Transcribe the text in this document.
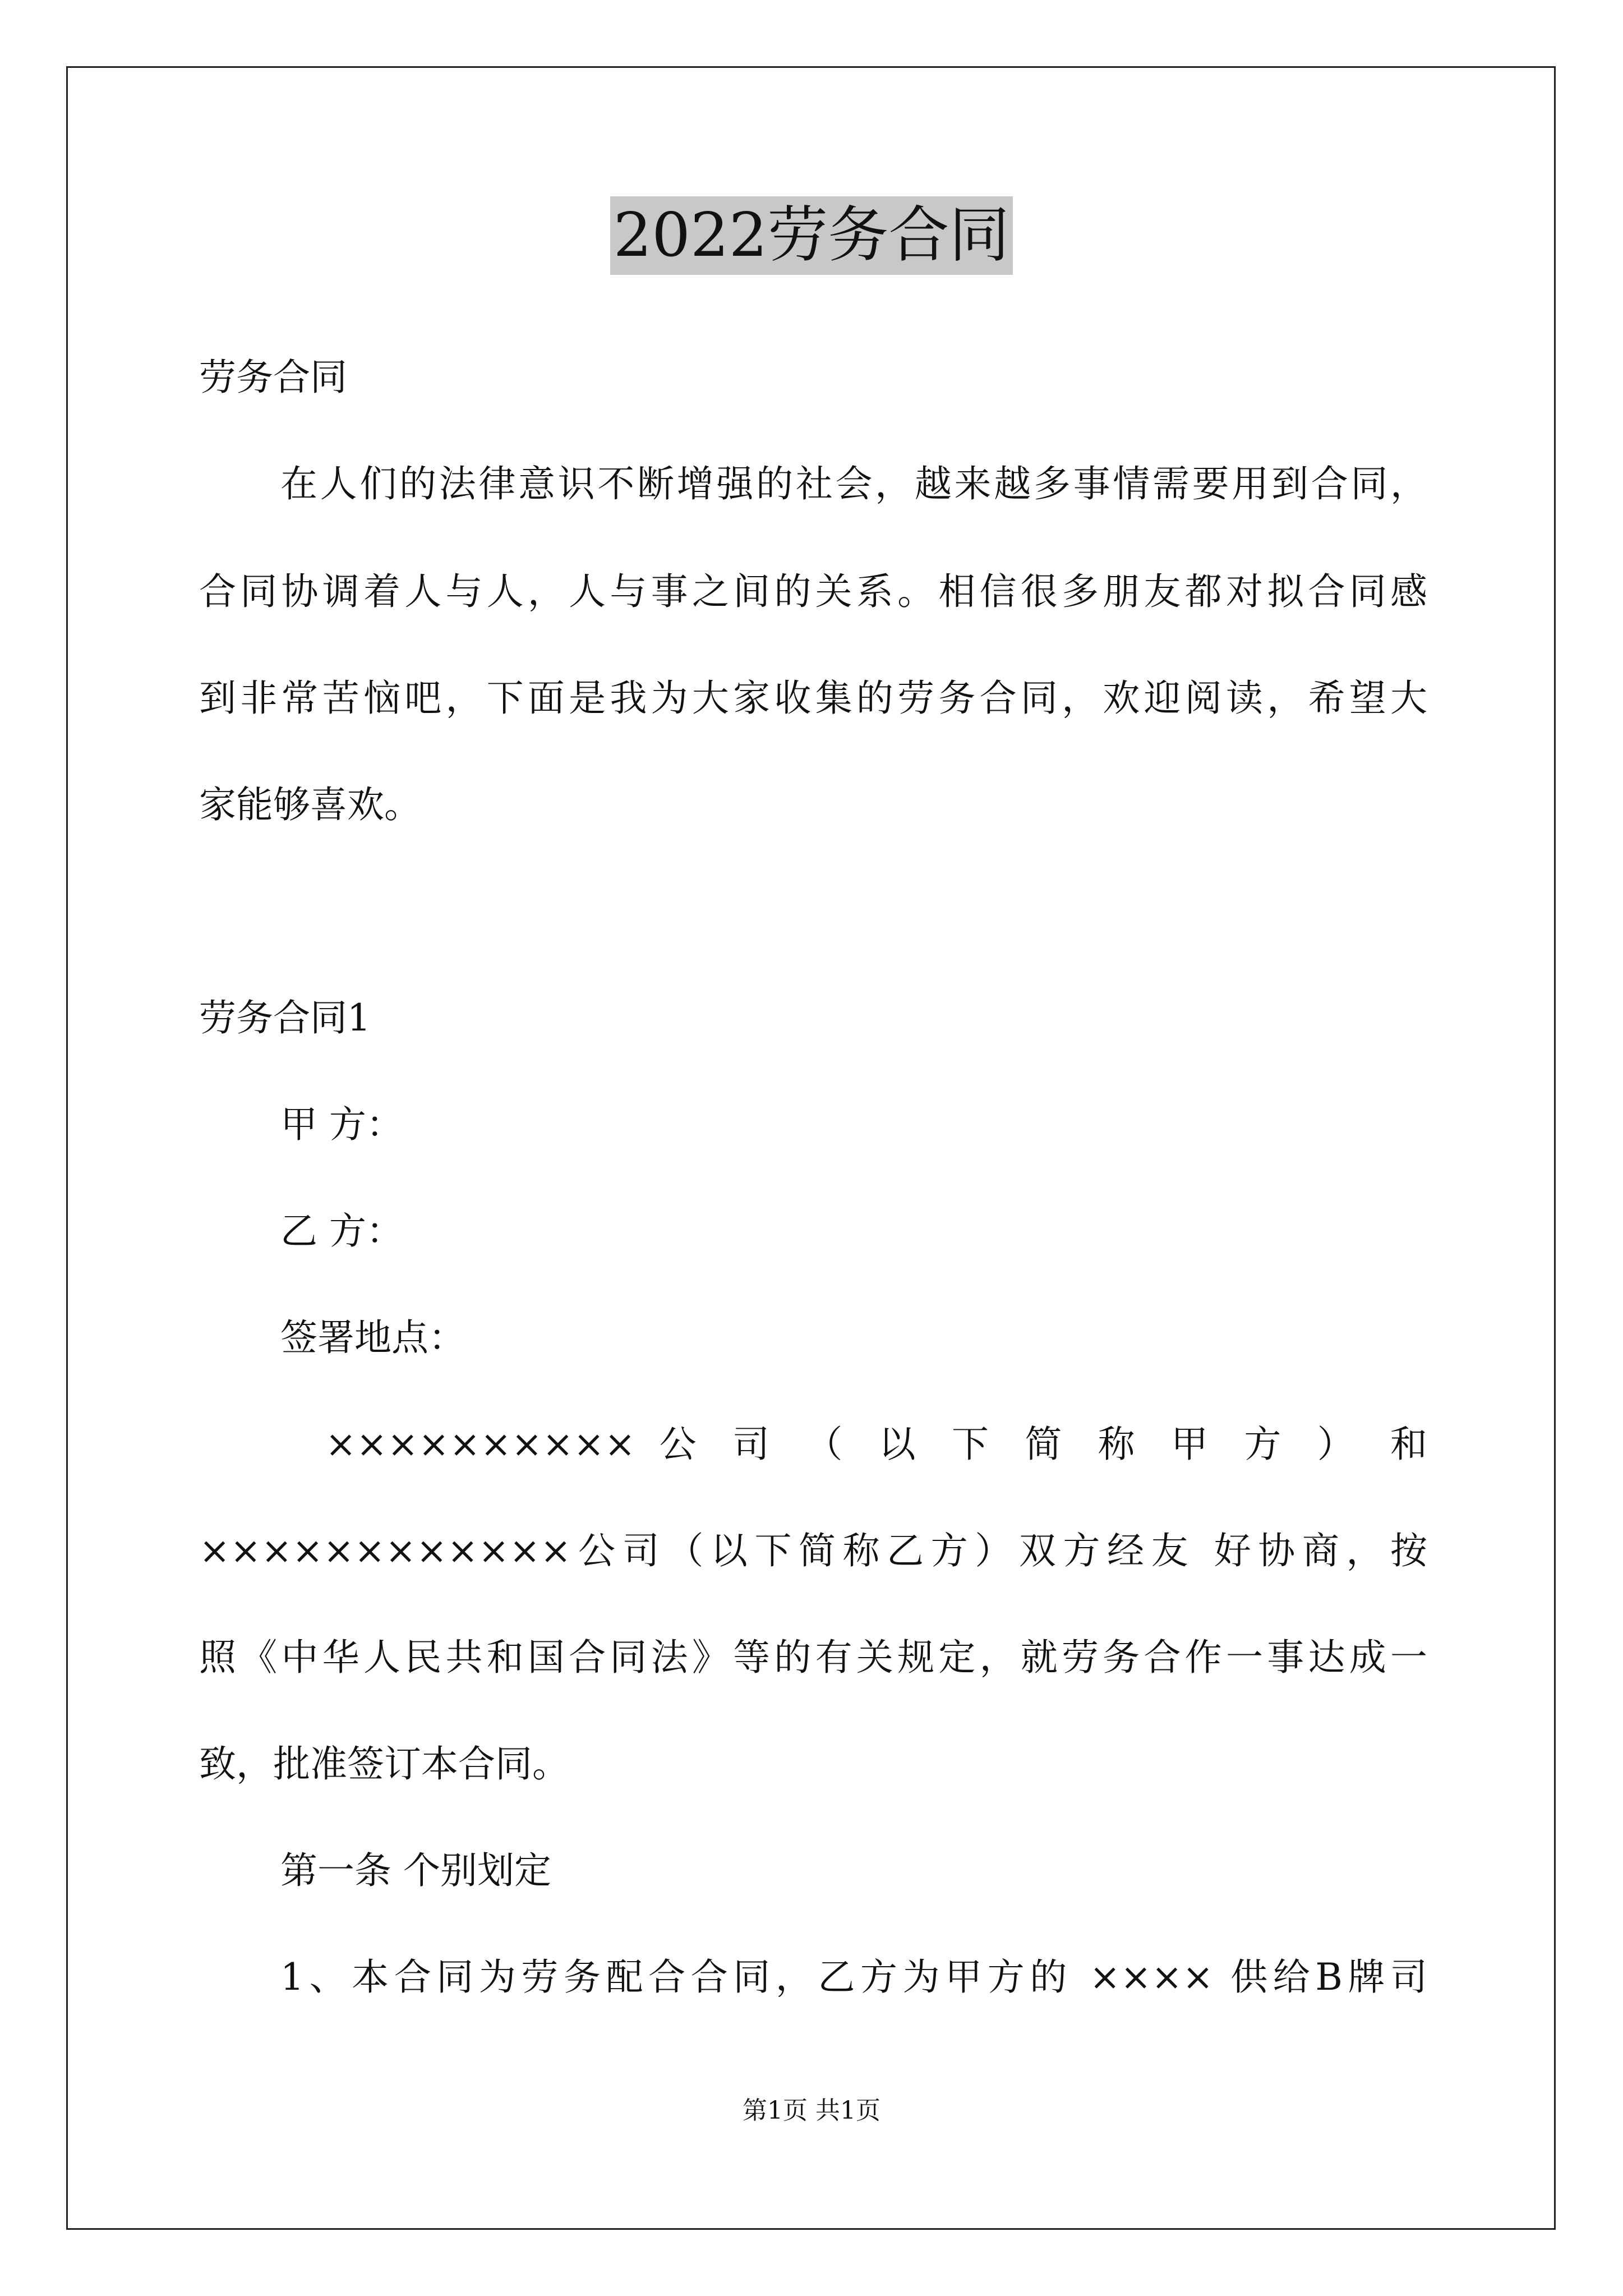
2022劳务合同
劳务合同
在人们的法律意识不断增强的社会，越来越多事情需要用到合同，
合同协调着人与人，人与事之间的关系。相信很多朋友都对拟合同感
到非常苦恼吧，下面是我为大家收集的劳务合同，欢迎阅读，希望大
家能够喜欢。
劳务合同1
甲 方：
乙 方：
签署地点：
×××××××××× 公 司 （ 以 下 简 称 甲 方 ） 和
××××××××××××公司（以下简称乙方）双方经友 好协商，按
照《中华人民共和国合同法》等的有关规定，就劳务合作一事达成一
致，批准签订本合同。
第一条 个别划定
1、本合同为劳务配合合同，乙方为甲方的 ×××× 供给B牌司
第1页 共1页
